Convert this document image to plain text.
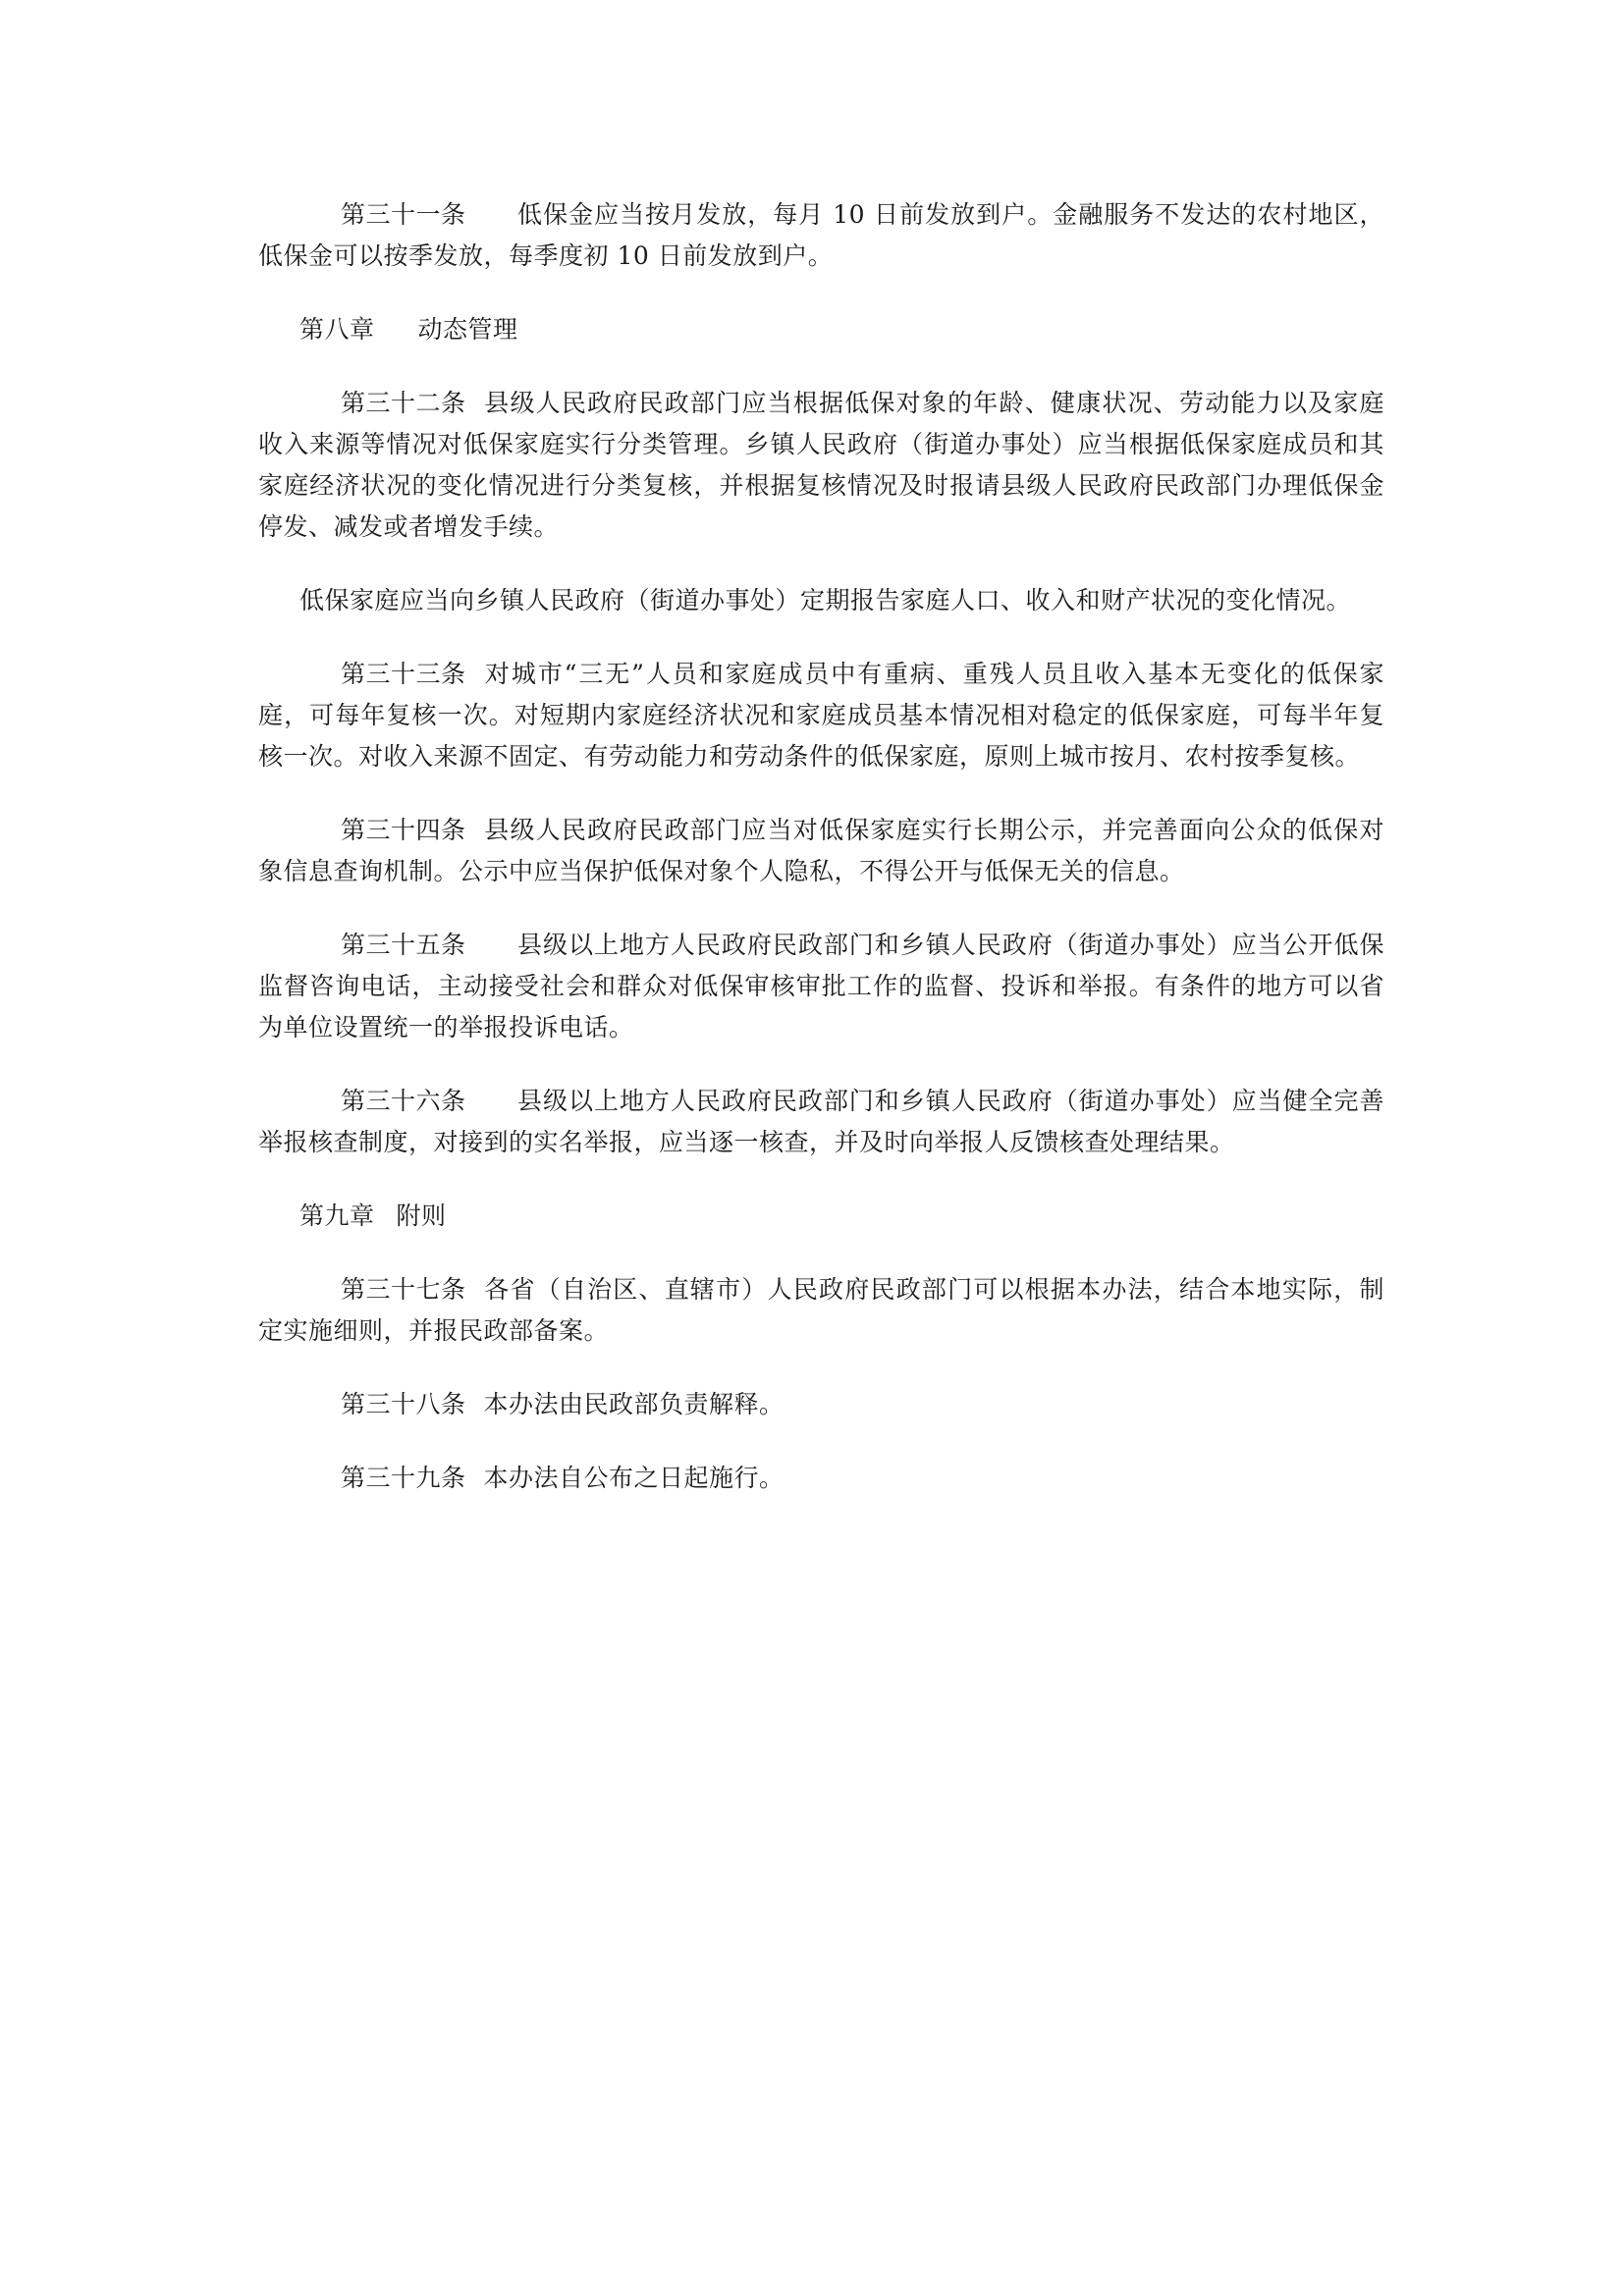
第三十一条 低保金应当按月发放，每月 10 日前发放到户。金融服务不发达的农村地区，低保金可以按季发放，每季度初 10 日前发放到户。
第八章 动态管理
第三十二条 县级人民政府民政部门应当根据低保对象的年龄、健康状况、劳动能力以及家庭收入来源等情况对低保家庭实行分类管理。乡镇人民政府（街道办事处）应当根据低保家庭成员和其家庭经济状况的变化情况进行分类复核，并根据复核情况及时报请县级人民政府民政部门办理低保金停发、减发或者增发手续。
低保家庭应当向乡镇人民政府（街道办事处）定期报告家庭人口、收入和财产状况的变化情况。
第三十三条 对城市“三无”人员和家庭成员中有重病、重残人员且收入基本无变化的低保家庭，可每年复核一次。对短期内家庭经济状况和家庭成员基本情况相对稳定的低保家庭，可每半年复核一次。对收入来源不固定、有劳动能力和劳动条件的低保家庭，原则上城市按月、农村按季复核。
第三十四条 县级人民政府民政部门应当对低保家庭实行长期公示，并完善面向公众的低保对象信息查询机制。公示中应当保护低保对象个人隐私，不得公开与低保无关的信息。
第三十五条 县级以上地方人民政府民政部门和乡镇人民政府（街道办事处）应当公开低保监督咨询电话，主动接受社会和群众对低保审核审批工作的监督、投诉和举报。有条件的地方可以省为单位设置统一的举报投诉电话。
第三十六条 县级以上地方人民政府民政部门和乡镇人民政府（街道办事处）应当健全完善举报核查制度，对接到的实名举报，应当逐一核查，并及时向举报人反馈核查处理结果。
第九章 附则
第三十七条 各省（自治区、直辖市）人民政府民政部门可以根据本办法，结合本地实际，制定实施细则，并报民政部备案。
第三十八条 本办法由民政部负责解释。
第三十九条 本办法自公布之日起施行。
